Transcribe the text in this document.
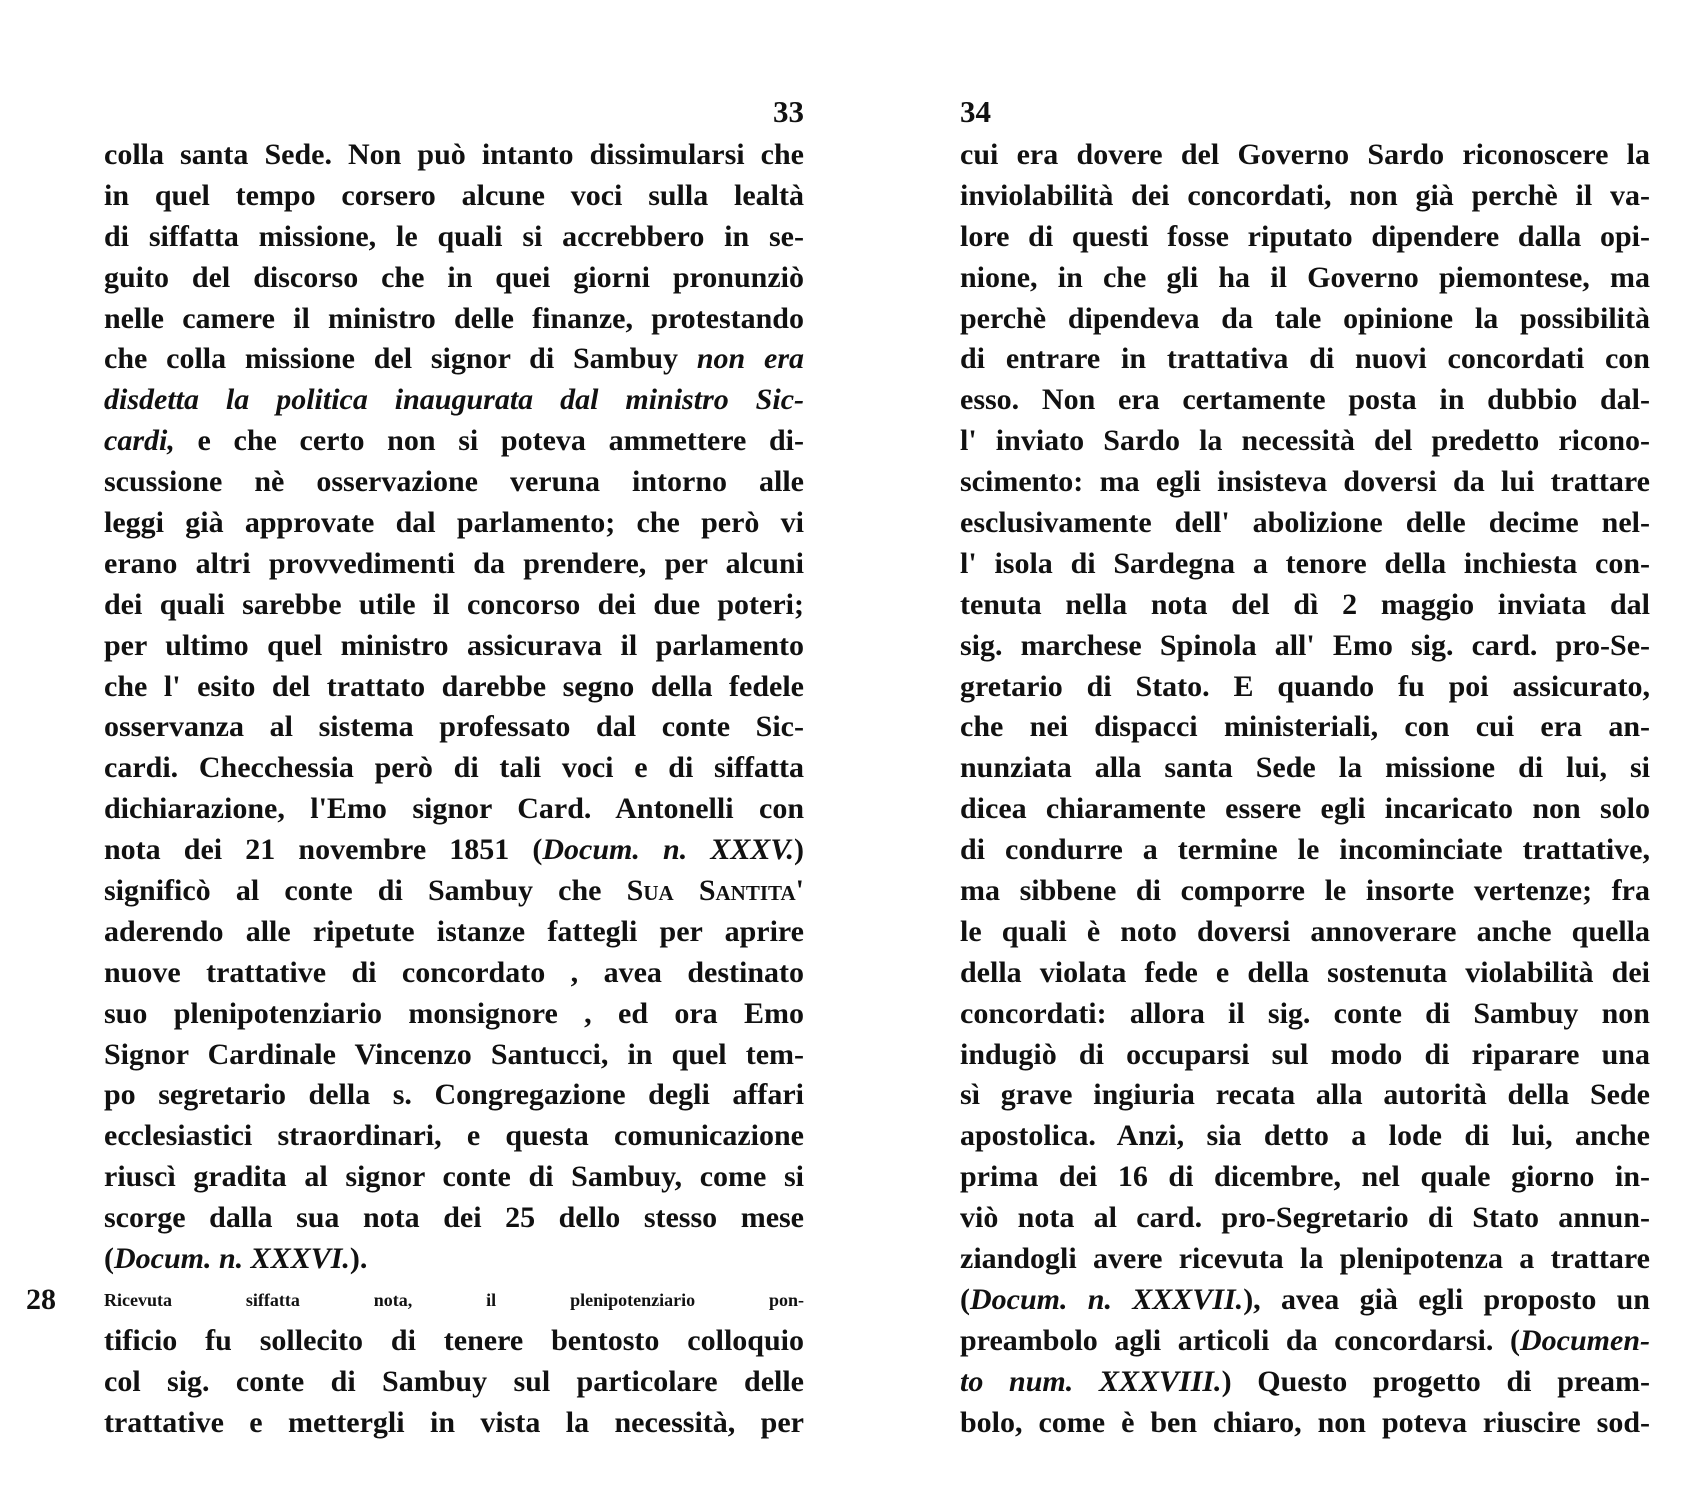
33
colla santa Sede. Non può intanto dissimularsi che
in quel tempo corsero alcune voci sulla lealtà
di siffatta missione, le quali si accrebbero in se-
guito del discorso che in quei giorni pronunziò
nelle camere il ministro delle finanze, protestando
che colla missione del signor di Sambuy non era
disdetta la politica inaugurata dal ministro Sic-
cardi, e che certo non si poteva ammettere di-
scussione nè osservazione veruna intorno alle
leggi già approvate dal parlamento; che però vi
erano altri provvedimenti da prendere, per alcuni
dei quali sarebbe utile il concorso dei due poteri;
per ultimo quel ministro assicurava il parlamento
che l' esito del trattato darebbe segno della fedele
osservanza al sistema professato dal conte Sic-
cardi. Checchessia però di tali voci e di siffatta
dichiarazione, l'Emo signor Card. Antonelli con
nota dei 21 novembre 1851 (Docum. n. XXXV.)
significò al conte di Sambuy che Sua Santita'
aderendo alle ripetute istanze fattegli per aprire
nuove trattative di concordato , avea destinato
suo plenipotenziario monsignore , ed ora Emo
Signor Cardinale Vincenzo Santucci, in quel tem-
po segretario della s. Congregazione degli affari
ecclesiastici straordinari, e questa comunicazione
riuscì gradita al signor conte di Sambuy, come si
scorge dalla sua nota dei 25 dello stesso mese
(Docum. n. XXXVI.).
28	Ricevuta siffatta nota, il plenipotenziario pon-
tificio fu sollecito di tenere bentosto colloquio
col sig. conte di Sambuy sul particolare delle
trattative e mettergli in vista la necessità, per
34
cui era dovere del Governo Sardo riconoscere la
inviolabilità dei concordati, non già perchè il va-
lore di questi fosse riputato dipendere dalla opi-
nione, in che gli ha il Governo piemontese, ma
perchè dipendeva da tale opinione la possibilità
di entrare in trattativa di nuovi concordati con
esso. Non era certamente posta in dubbio dal-
l' inviato Sardo la necessità del predetto ricono-
scimento: ma egli insisteva doversi da lui trattare
esclusivamente dell' abolizione delle decime nel-
l' isola di Sardegna a tenore della inchiesta con-
tenuta nella nota del dì 2 maggio inviata dal
sig. marchese Spinola all' Emo sig. card. pro-Se-
gretario di Stato. E quando fu poi assicurato,
che nei dispacci ministeriali, con cui era an-
nunziata alla santa Sede la missione di lui, si
dicea chiaramente essere egli incaricato non solo
di condurre a termine le incominciate trattative,
ma sibbene di comporre le insorte vertenze; fra
le quali è noto doversi annoverare anche quella
della violata fede e della sostenuta violabilità dei
concordati: allora il sig. conte di Sambuy non
indugiò di occuparsi sul modo di riparare una
sì grave ingiuria recata alla autorità della Sede
apostolica. Anzi, sia detto a lode di lui, anche
prima dei 16 di dicembre, nel quale giorno in-
viò nota al card. pro-Segretario di Stato annun-
ziandogli avere ricevuta la plenipotenza a trattare
(Docum. n. XXXVII.), avea già egli proposto un
preambolo agli articoli da concordarsi. (Documen-
to num. XXXVIII.) Questo progetto di pream-
bolo, come è ben chiaro, non poteva riuscire sod-
